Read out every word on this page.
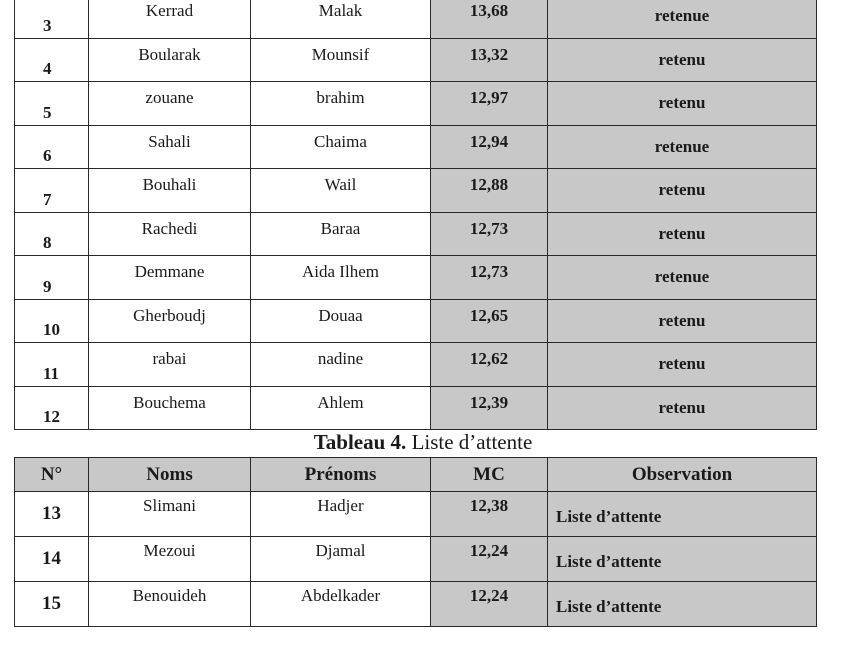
3	Kerrad	Malak	13,68	retenue
4	Boularak	Mounsif	13,32	retenu
5	zouane	brahim	12,97	retenu
6	Sahali	Chaima	12,94	retenue
7	Bouhali	Wail	12,88	retenu
8	Rachedi	Baraa	12,73	retenu
9	Demmane	Aida Ilhem	12,73	retenue
10	Gherboudj	Douaa	12,65	retenu
11	rabai	nadine	12,62	retenu
12	Bouchema	Ahlem	12,39	retenu
Tableau 4. Liste d’attente
N°	Noms	Prénoms	MC	Observation
13	Slimani	Hadjer	12,38	Liste d’attente
14	Mezoui	Djamal	12,24	Liste d’attente
15	Benouideh	Abdelkader	12,24	Liste d’attente
